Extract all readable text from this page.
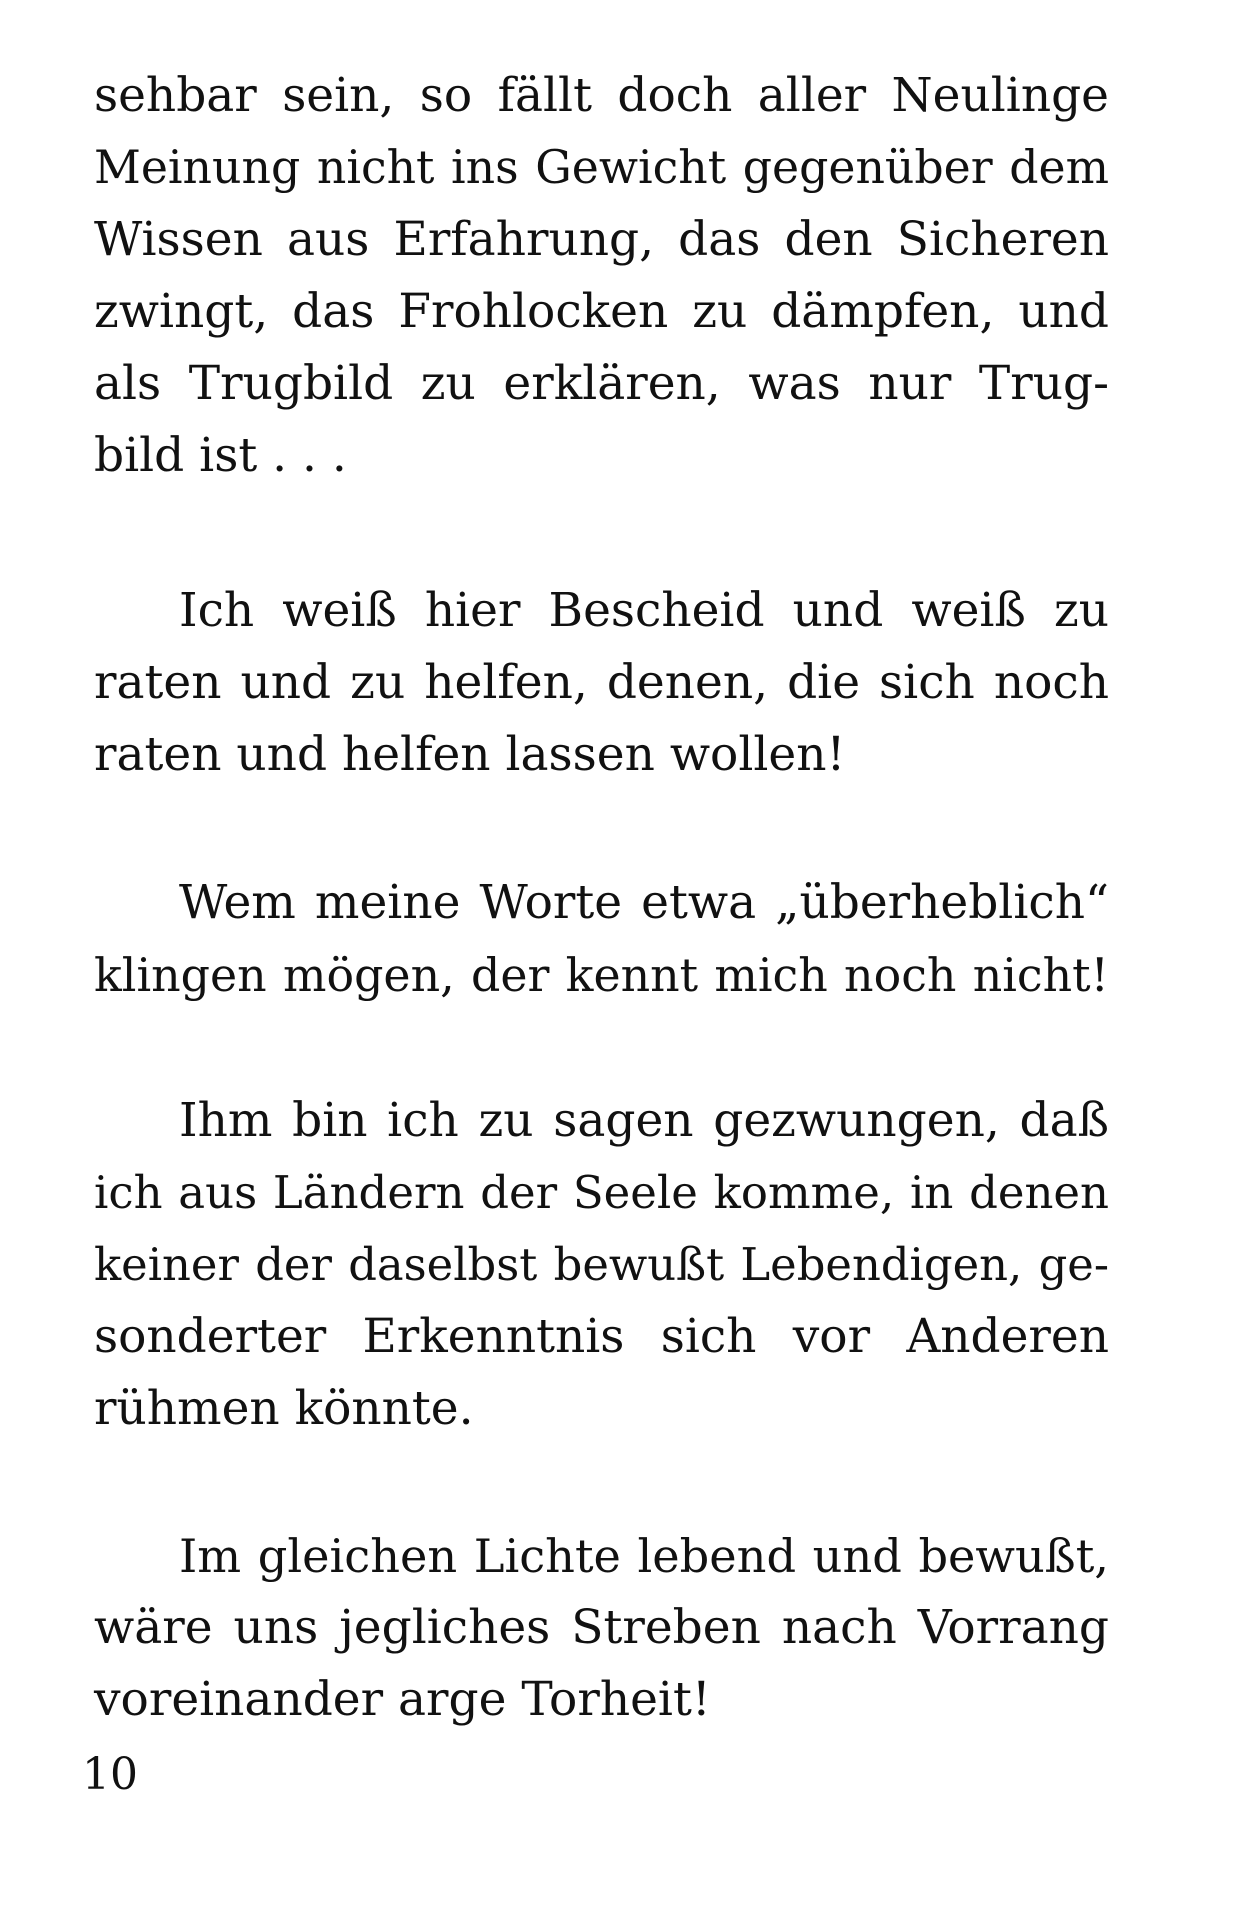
sehbar sein, so fällt doch aller Neulinge
Meinung nicht ins Gewicht gegenüber dem
Wissen aus Erfahrung, das den Sicheren
zwingt, das Frohlocken zu dämpfen, und
als Trugbild zu erklären, was nur Trug-
bild ist . . .
Ich weiß hier Bescheid und weiß zu
raten und zu helfen, denen, die sich noch
raten und helfen lassen wollen!
Wem meine Worte etwa „überheblich“
klingen mögen, der kennt mich noch nicht!
Ihm bin ich zu sagen gezwungen, daß
ich aus Ländern der Seele komme, in denen
keiner der daselbst bewußt Lebendigen, ge-
sonderter Erkenntnis sich vor Anderen
rühmen könnte.
Im gleichen Lichte lebend und bewußt,
wäre uns jegliches Streben nach Vorrang
voreinander arge Torheit!
10
